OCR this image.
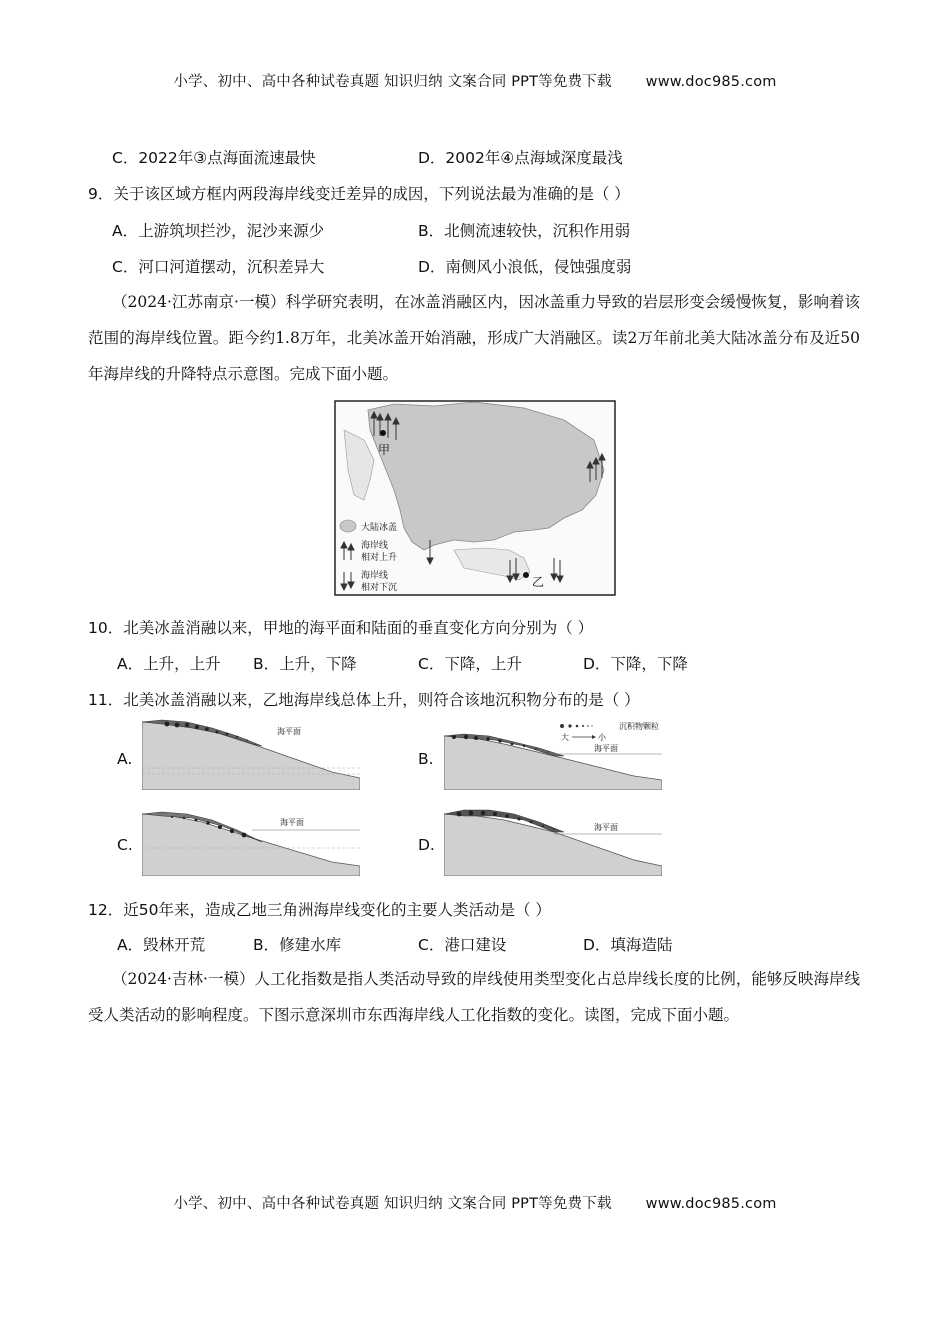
小学、初中、高中各种试卷真题 知识归纳 文案合同 PPT等免费下载 www.doc985.com
C．2022年③点海面流速最快	D．2002年④点海域深度最浅
9．关于该区域方框内两段海岸线变迁差异的成因，下列说法最为准确的是（ ）
A．上游筑坝拦沙，泥沙来源少	B．北侧流速较快，沉积作用弱
C．河口河道摆动，沉积差异大	D．南侧风小浪低，侵蚀强度弱
（2024·江苏南京·一模）科学研究表明，在冰盖消融区内，因冰盖重力导致的岩层形变会缓慢恢复，影响着该范围的海岸线位置。距今约1.8万年，北美冰盖开始消融，形成广大消融区。读2万年前北美大陆冰盖分布及近50年海岸线的升降特点示意图。完成下面小题。
甲
乙
大陆冰盖
海岸线
相对上升
海岸线
相对下沉
10．北美冰盖消融以来，甲地的海平面和陆面的垂直变化方向分别为（ ）
A．上升，上升 B．上升，下降	C．下降，上升	D．下降，下降
11．北美冰盖消融以来，乙地海岸线总体上升，则符合该地沉积物分布的是（ ）
A.
海平面
B.
沉积物颗粒
大	小
海平面
C.
海平面
D.
海平面
12．近50年来，造成乙地三角洲海岸线变化的主要人类活动是（ ）
A．毁林开荒	B．修建水库	C．港口建设	D．填海造陆
（2024·吉林·一模）人工化指数是指人类活动导致的岸线使用类型变化占总岸线长度的比例，能够反映海岸线受人类活动的影响程度。下图示意深圳市东西海岸线人工化指数的变化。读图，完成下面小题。
小学、初中、高中各种试卷真题 知识归纳 文案合同 PPT等免费下载 www.doc985.com
